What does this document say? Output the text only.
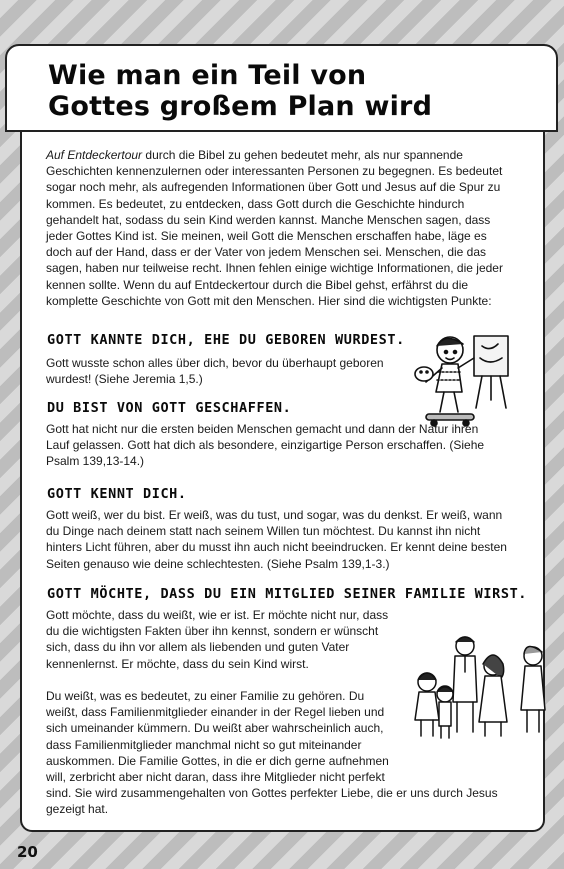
Wie man ein Teil von
Gottes großem Plan wird

Auf Entdeckertour durch die Bibel zu gehen bedeutet mehr, als nur spannende Geschichten kennenzulernen oder interessanten Personen zu begegnen. Es bedeutet sogar noch mehr, als aufregenden Informationen über Gott und Jesus auf die Spur zu kommen. Es bedeutet, zu entdecken, dass Gott durch die Geschichte hindurch gehandelt hat, sodass du sein Kind werden kannst. Manche Menschen sagen, dass jeder Gottes Kind ist. Sie meinen, weil Gott die Menschen erschaffen habe, läge es doch auf der Hand, dass er der Vater von jedem Menschen sei. Menschen, die das sagen, haben nur teilweise recht. Ihnen fehlen einige wichtige Informationen, die jeder kennen sollte. Wenn du auf Entdeckertour durch die Bibel gehst, erfährst du die komplette Geschichte von Gott mit den Menschen. Hier sind die wichtigsten Punkte:

GOTT KANNTE DICH, EHE DU GEBOREN WURDEST.

Gott wusste schon alles über dich, bevor du überhaupt geboren wurdest! (Siehe Jeremia 1,5.)

DU BIST VON GOTT GESCHAFFEN.

Gott hat nicht nur die ersten beiden Menschen gemacht und dann der Natur ihren Lauf gelassen. Gott hat dich als besondere, einzigartige Person erschaffen. (Siehe Psalm 139,13-14.)

GOTT KENNT DICH.

Gott weiß, wer du bist. Er weiß, was du tust, und sogar, was du denkst. Er weiß, wann du Dinge nach deinem statt nach seinem Willen tun möchtest. Du kannst ihn nicht hinters Licht führen, aber du musst ihn auch nicht beeindrucken. Er kennt deine besten Seiten genauso wie deine schlechtesten. (Siehe Psalm 139,1-3.)

GOTT MÖCHTE, DASS DU EIN MITGLIED SEINER FAMILIE WIRST.

Gott möchte, dass du weißt, wie er ist. Er möchte nicht nur, dass du die wichtigsten Fakten über ihn kennst, sondern er wünscht sich, dass du ihn vor allem als liebenden und guten Vater kennenlernst. Er möchte, dass du sein Kind wirst.

Du weißt, was es bedeutet, zu einer Familie zu gehören. Du weißt, dass Familienmitglieder einander in der Regel lieben und sich umeinander kümmern. Du weißt aber wahrscheinlich auch, dass Familienmitglieder manchmal nicht so gut miteinander auskommen. Die Familie Gottes, in die er dich gerne aufnehmen will, zerbricht aber nicht daran, dass ihre Mitglieder nicht perfekt sind. Sie wird zusammengehalten von Gottes perfekter Liebe, die er uns durch Jesus gezeigt hat.

20
